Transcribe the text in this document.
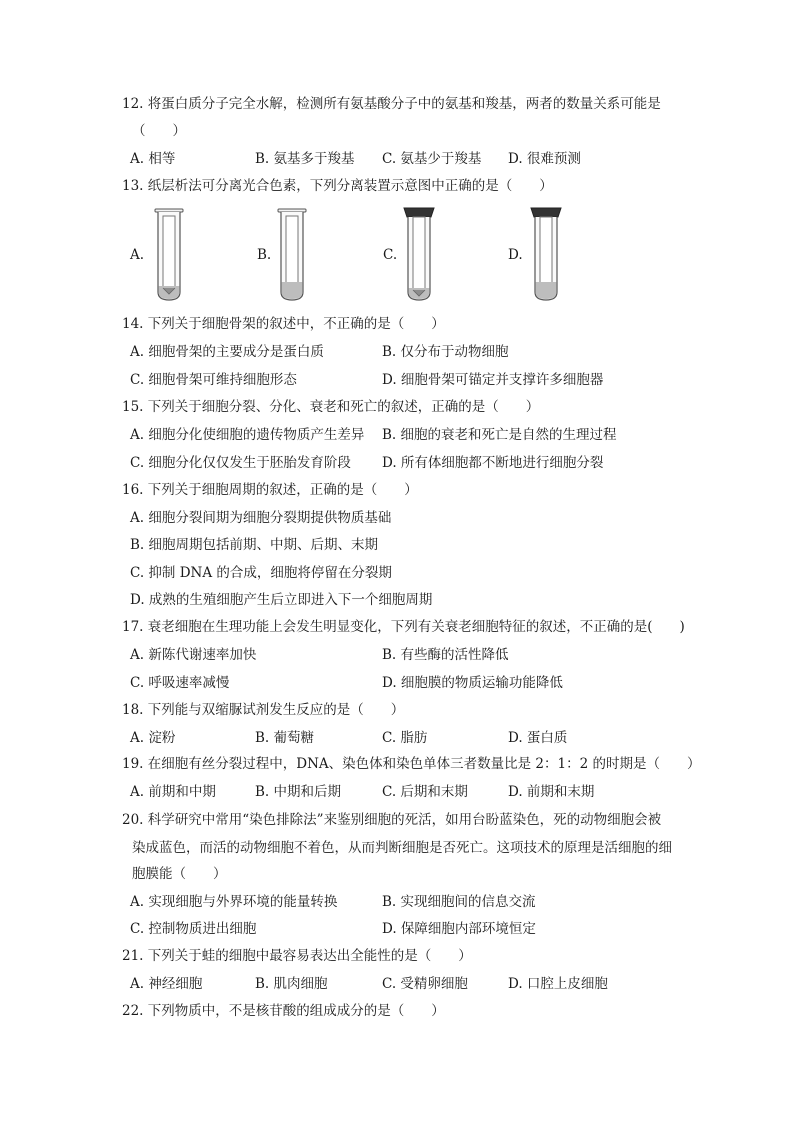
12. 将蛋白质分子完全水解，检测所有氨基酸分子中的氨基和羧基，两者的数量关系可能是
（　　）
A. 相等	B. 氨基多于羧基 C. 氨基少于羧基 D. 很难预测
13. 纸层析法可分离光合色素，下列分离装置示意图中正确的是（　　）
A.	B.	C.	D.
14. 下列关于细胞骨架的叙述中，不正确的是（　　）
A. 细胞骨架的主要成分是蛋白质	B. 仅分布于动物细胞
C. 细胞骨架可维持细胞形态	D. 细胞骨架可锚定并支撑许多细胞器
15. 下列关于细胞分裂、分化、衰老和死亡的叙述，正确的是（　　）
A. 细胞分化使细胞的遗传物质产生差异 B. 细胞的衰老和死亡是自然的生理过程
C. 细胞分化仅仅发生于胚胎发育阶段 D. 所有体细胞都不断地进行细胞分裂
16. 下列关于细胞周期的叙述，正确的是（　　）
A. 细胞分裂间期为细胞分裂期提供物质基础
B. 细胞周期包括前期、中期、后期、末期
C. 抑制 DNA 的合成，细胞将停留在分裂期
D. 成熟的生殖细胞产生后立即进入下一个细胞周期
17. 衰老细胞在生理功能上会发生明显变化，下列有关衰老细胞特征的叙述，不正确的是(　　)
A. 新陈代谢速率加快	B. 有些酶的活性降低
C. 呼吸速率减慢	D. 细胞膜的物质运输功能降低
18. 下列能与双缩脲试剂发生反应的是（　　）
A. 淀粉	B. 葡萄糖	C. 脂肪	D. 蛋白质
19. 在细胞有丝分裂过程中，DNA、染色体和染色单体三者数量比是 2：1：2 的时期是（　　）
A. 前期和中期	B. 中期和后期	C. 后期和末期	D. 前期和末期
20. 科学研究中常用“染色排除法”来鉴别细胞的死活，如用台盼蓝染色，死的动物细胞会被
染成蓝色，而活的动物细胞不着色，从而判断细胞是否死亡。这项技术的原理是活细胞的细
胞膜能（　　）
A. 实现细胞与外界环境的能量转换	B. 实现细胞间的信息交流
C. 控制物质进出细胞	D. 保障细胞内部环境恒定
21. 下列关于蛙的细胞中最容易表达出全能性的是（　　）
A. 神经细胞	B. 肌肉细胞	C. 受精卵细胞	D. 口腔上皮细胞
22. 下列物质中，不是核苷酸的组成成分的是（　　）
